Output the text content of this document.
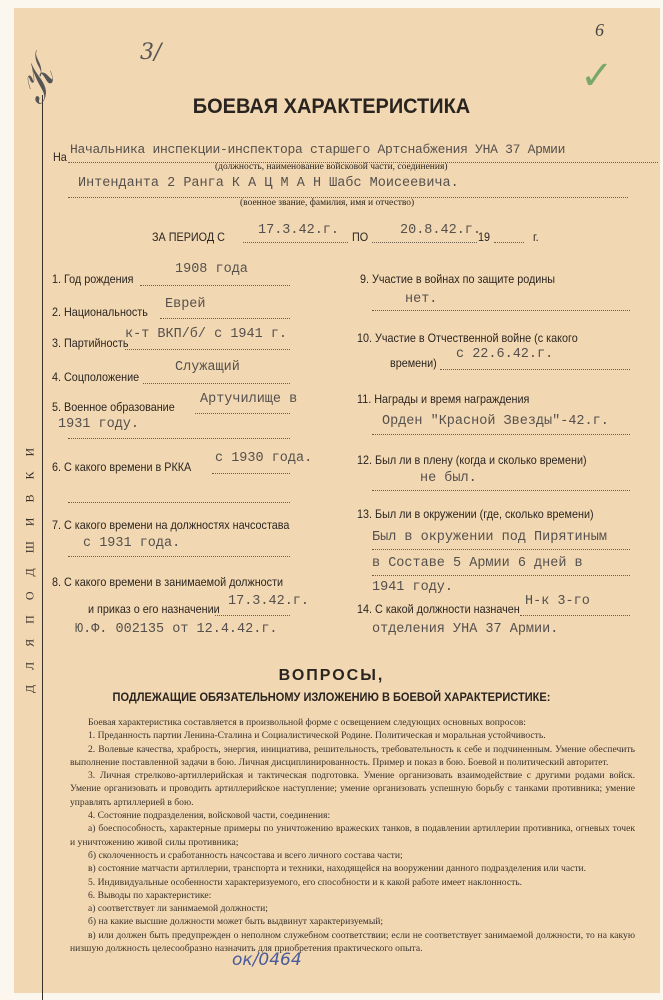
Д Л Я П О Д Ш И В К И
3/
6
✓
𝒦	БОЕВАЯ ХАРАКТЕРИСТИКА
На Начальника инспекции-инспектора старшего Артснабжения УНА 37 Армии
(должность, наименование войсковой части, соединения)
Интенданта 2 Ранга К А Ц М А Н Шабс Моисеевича.
(военное звание, фамилия, имя и отчество)
ЗА ПЕРИОД С 17.3.42.г. ПО 20.8.42.г.
19	г.
1. Год рождения
1908 года
2. Национальность Еврей
3. Партийность
к-т ВКП/б/ с 1941 г.
4. Соцположение
Служащий
5. Военное образование Артучилище в
1931 году.
6. С какого времени в РККА
с 1930 года.
7. С какого времени на должностях начсостава
с 1931 года.
8. С какого времени в занимаемой должности
и приказ о его назначении 17.3.42.г.
Ю.Ф. 002135 от 12.4.42.г.
9. Участие в войнах по защите родины
нет.
10. Участие в Отчественной войне (с какого
времени)
с 22.6.42.г.
11. Награды и время награждения
Орден "Красной Звезды"-42.г.
12. Был ли в плену (когда и сколько времени)
не был.
13. Был ли в окружении (где, сколько времени)
Был в окружении под Пирятиным
в Составе 5 Армии 6 дней в
1941 году.
14. С какой должности назначен Н-к 3-го
отделения УНА 37 Армии.
ВОПРОСЫ,
ПОДЛЕЖАЩИЕ ОБЯЗАТЕЛЬНОМУ ИЗЛОЖЕНИЮ В БОЕВОЙ ХАРАКТЕРИСТИКЕ:

Боевая характеристика составляется в произвольной форме с освещением следующих основных вопросов:

1. Преданность партии Ленина-Сталина и Социалистической Родине. Политическая и моральная устойчивость.

2. Волевые качества, храбрость, энергия, инициатива, решительность, требовательность к себе и подчиненным. Умение обеспечить выполнение поставленной задачи в бою. Личная дисциплинированность. Пример и показ в бою. Боевой и политический авторитет.

3. Личная стрелково-артиллерийская и тактическая подготовка. Умение организовать взаимодействие с другими родами войск. Умение организовать и проводить артиллерийское наступление; умение организовать успешную борьбу с танками противника; умение управлять артиллерией в бою.

4. Состояние подразделения, войсковой части, соединения:

а) боеспособность, характерные примеры по уничтожению вражеских танков, в подавлении артиллерии противника, огневых точек и уничтожению живой силы противника;

б) сколоченность и сработанность начсостава и всего личного состава части;

в) состояние матчасти артиллерии, транспорта и техники, находящейся на вооружении данного подразделения или части.

5. Индивидуальные особенности характеризуемого, его способности и к какой работе имеет наклонность.

6. Выводы по характеристике:

а) соответствует ли занимаемой должности;

б) на какие высшие должности может быть выдвинут характеризуемый;

в) или должен быть предупрежден о неполном служебном соответствии; если не соответствует занимаемой должности, то на какую низшую должность целесообразно назначить для приобретения практического опыта.

ок/0464
